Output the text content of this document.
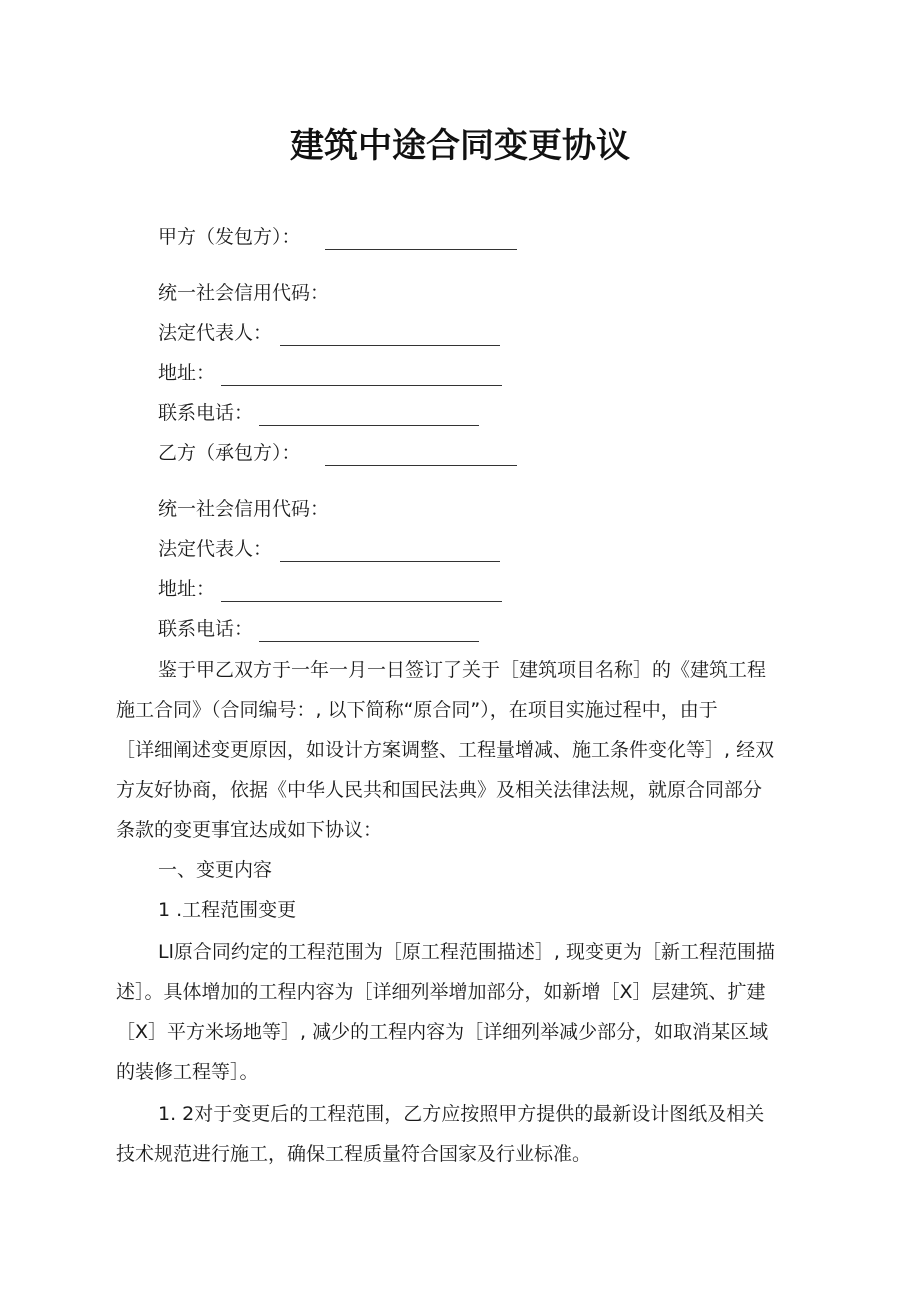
建筑中途合同变更协议
甲方（发包方）：
统一社会信用代码：
法定代表人：
地址：
联系电话：
乙方（承包方）：
统一社会信用代码：
法定代表人：
地址：
联系电话：
鉴于甲乙双方于一年一月一日签订了关于［建筑项目名称］的《建筑工程
施工合同》（合同编号：, 以下简称“原合同”），在项目实施过程中，由于
［详细阐述变更原因，如设计方案调整、工程量增减、施工条件变化等］, 经双
方友好协商，依据《中华人民共和国民法典》及相关法律法规，就原合同部分
条款的变更事宜达成如下协议：
一、变更内容
1 .工程范围变更
Ll原合同约定的工程范围为［原工程范围描述］, 现变更为［新工程范围描
述］。具体增加的工程内容为［详细列举增加部分，如新增［X］层建筑、扩建
［X］平方米场地等］, 减少的工程内容为［详细列举减少部分，如取消某区域
的装修工程等］。
1. 2对于变更后的工程范围，乙方应按照甲方提供的最新设计图纸及相关
技术规范进行施工，确保工程质量符合国家及行业标准。
